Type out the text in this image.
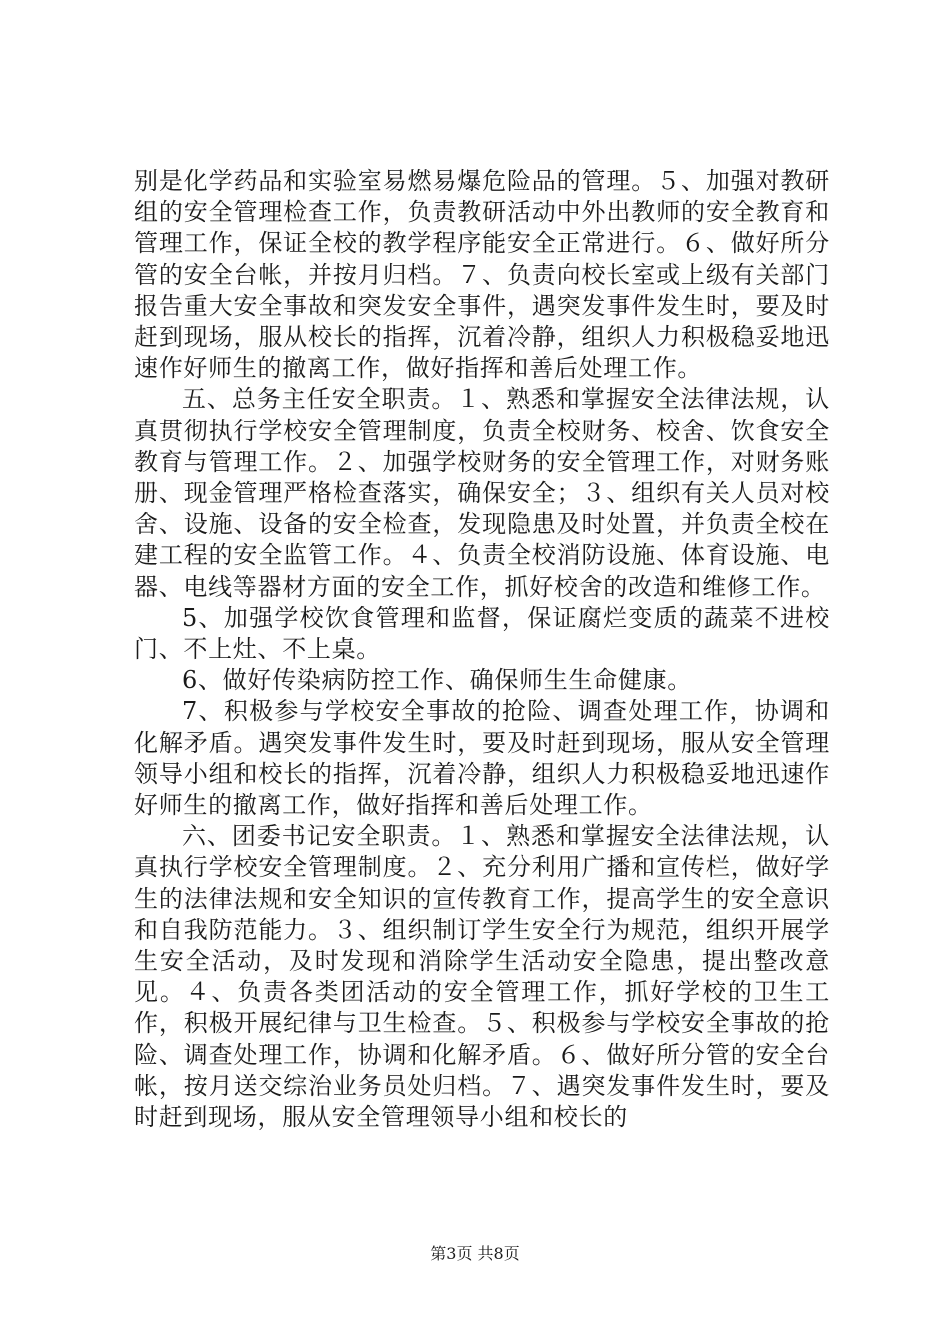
别是化学药品和实验室易燃易爆危险品的管理。５、加强对教研组的安全管理检查工作，负责教研活动中外出教师的安全教育和管理工作，保证全校的教学程序能安全正常进行。６、做好所分管的安全台帐，并按月归档。７、负责向校长室或上级有关部门报告重大安全事故和突发安全事件，遇突发事件发生时，要及时赶到现场，服从校长的指挥，沉着冷静，组织人力积极稳妥地迅速作好师生的撤离工作，做好指挥和善后处理工作。

五、总务主任安全职责。１、熟悉和掌握安全法律法规，认真贯彻执行学校安全管理制度，负责全校财务、校舍、饮食安全教育与管理工作。２、加强学校财务的安全管理工作，对财务账册、现金管理严格检查落实，确保安全；３、组织有关人员对校舍、设施、设备的安全检查，发现隐患及时处置，并负责全校在建工程的安全监管工作。４、负责全校消防设施、体育设施、电器、电线等器材方面的安全工作，抓好校舍的改造和维修工作。

5、加强学校饮食管理和监督，保证腐烂变质的蔬菜不进校门、不上灶、不上桌。

6、做好传染病防控工作、确保师生生命健康。

7、积极参与学校安全事故的抢险、调查处理工作，协调和化解矛盾。遇突发事件发生时，要及时赶到现场，服从安全管理领导小组和校长的指挥，沉着冷静，组织人力积极稳妥地迅速作好师生的撤离工作，做好指挥和善后处理工作。

六、团委书记安全职责。１、熟悉和掌握安全法律法规，认真执行学校安全管理制度。２、充分利用广播和宣传栏，做好学生的法律法规和安全知识的宣传教育工作，提高学生的安全意识和自我防范能力。３、组织制订学生安全行为规范，组织开展学生安全活动，及时发现和消除学生活动安全隐患，提出整改意见。４、负责各类团活动的安全管理工作，抓好学校的卫生工作，积极开展纪律与卫生检查。５、积极参与学校安全事故的抢险、调查处理工作，协调和化解矛盾。６、做好所分管的安全台帐，按月送交综治业务员处归档。７、遇突发事件发生时，要及时赶到现场，服从安全管理领导小组和校长的

第3页 共8页
